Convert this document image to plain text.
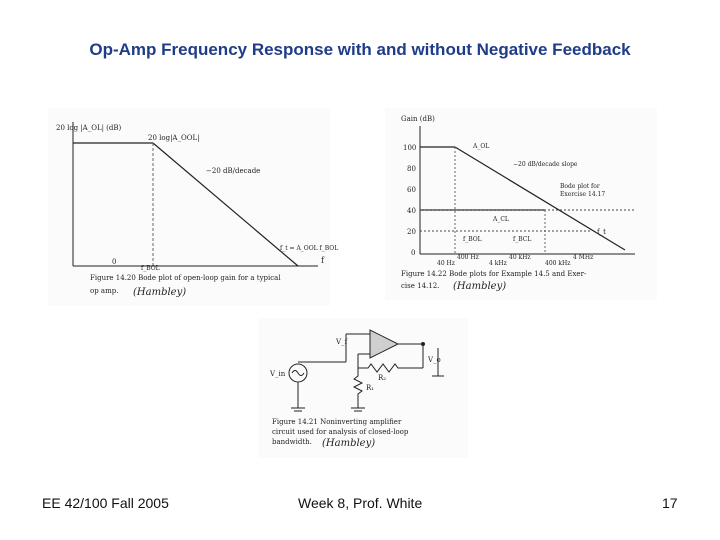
Op-Amp Frequency Response with and without Negative Feedback
20 log |A_OL| (dB)
20 log|A_OOL|
−20 dB/decade
f_t = A_OOL f_BOL
f
0
f_BOL
Figure 14.20 Bode plot of open-loop gain for a typical
op amp. (Hambley)
Gain (dB)
100
80
60
40
20
0
A_OL
−20 dB/decade slope
Bode plot for
Exercise 14.17
A_CL
f_t
f_BOL	f_BCL
40 Hz
400 Hz
4 kHz
40 kHz
400 kHz
4 MHz
Figure 14.22 Bode plots for Example 14.5 and Exer-
cise 14.12. (Hambley)
V_in
V_f
V_o
R₂
R₁
Figure 14.21 Noninverting amplifier
circuit used for analysis of closed-loop
bandwidth. (Hambley)
EE 42/100 Fall 2005	Week 8, Prof. White	17
